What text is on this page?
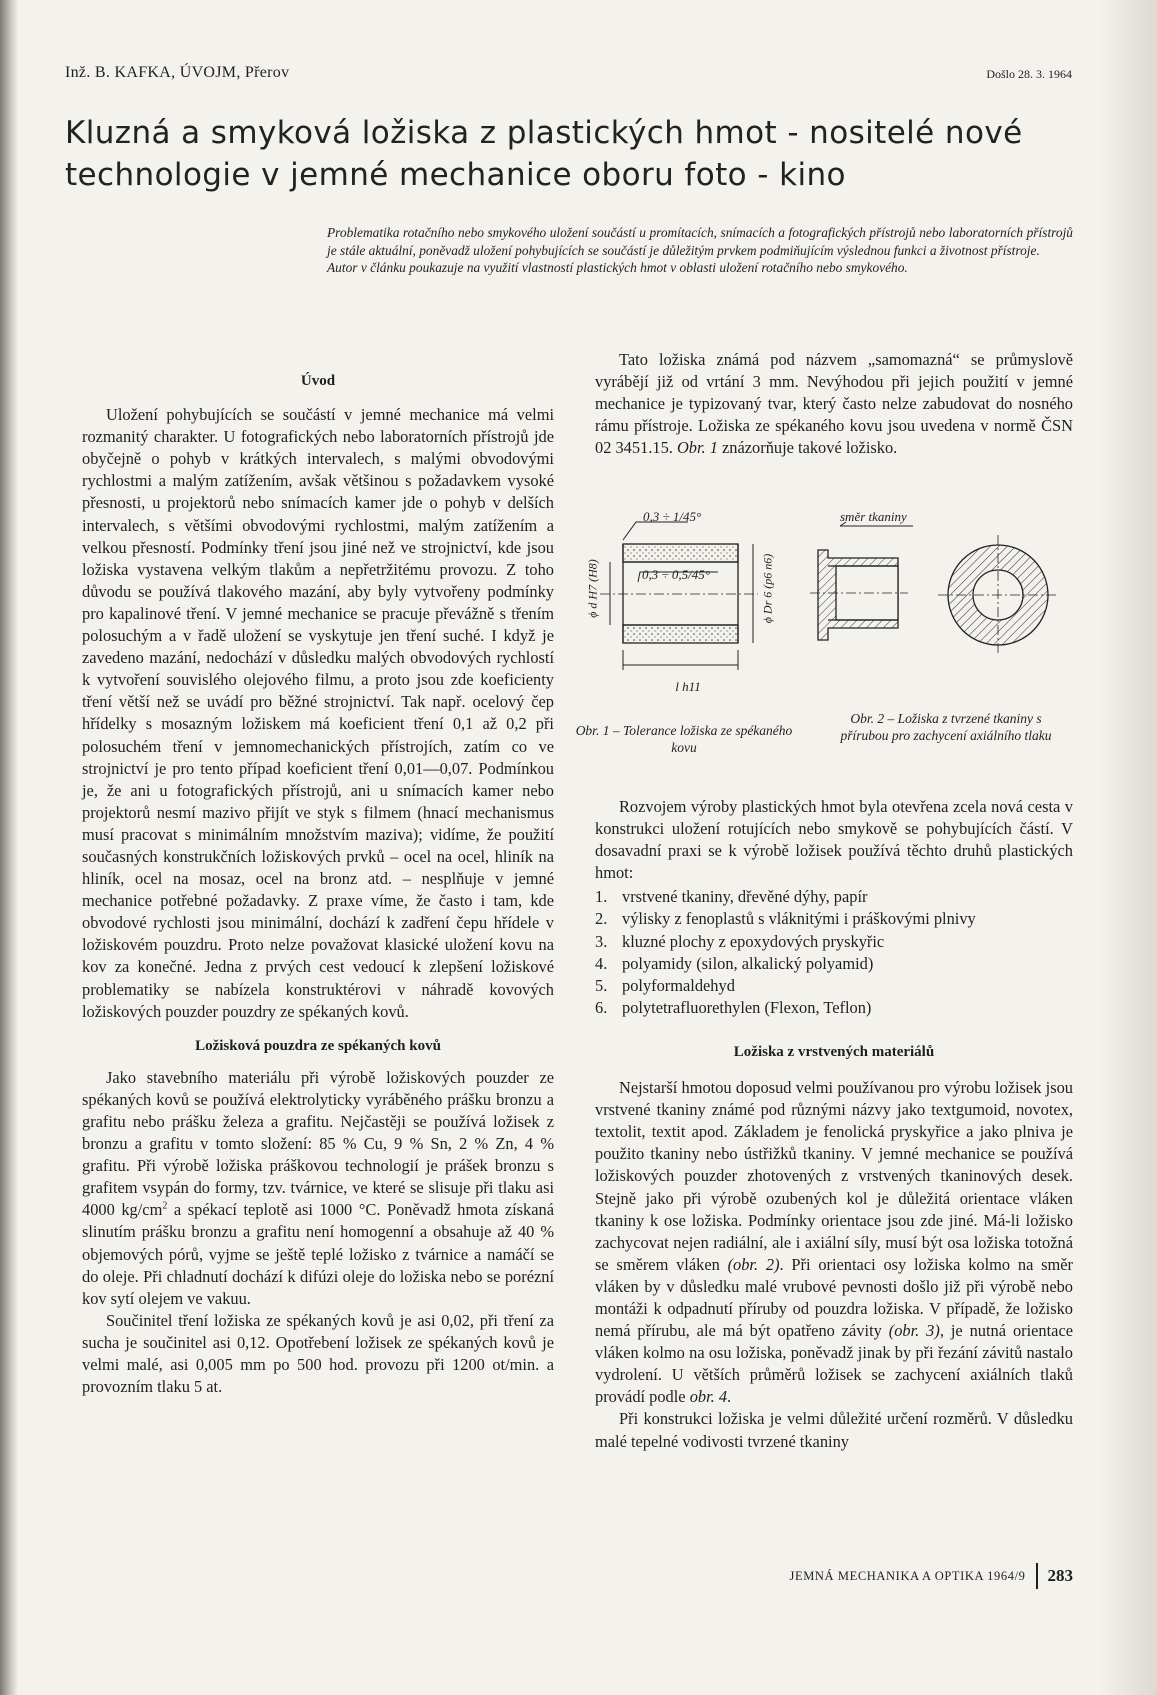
Inž. B. KAFKA, ÚVOJM, Přerov	Došlo 28. 3. 1964
Kluzná a smyková ložiska z plastických hmot - nositelé nové
technologie v jemné mechanice oboru foto - kino

Problematika rotačního nebo smykového uložení součástí u promítacích, snímacích a fotografických přístrojů nebo laboratorních přístrojů je stále aktuální, poněvadž uložení pohybujících se součástí je důležitým prvkem podmiňujícím výslednou funkci a životnost přístroje.

Autor v článku poukazuje na využití vlastností plastických hmot v oblasti uložení rotačního nebo smykového.

Úvod

Uložení pohybujících se součástí v jemné mechanice má velmi rozmanitý charakter. U fotografických nebo laboratorních přístrojů jde obyčejně o pohyb v krátkých intervalech, s malými obvodovými rychlostmi a malým zatížením, avšak většinou s požadavkem vysoké přesnosti, u projektorů nebo snímacích kamer jde o pohyb v delších intervalech, s většími obvodovými rychlostmi, malým zatížením a velkou přesností. Podmínky tření jsou jiné než ve strojnictví, kde jsou ložiska vystavena velkým tlakům a nepřetržitému provozu. Z toho důvodu se používá tlakového mazání, aby byly vytvořeny podmínky pro kapalinové tření. V jemné mechanice se pracuje převážně s třením polosuchým a v řadě uložení se vyskytuje jen tření suché. I když je zavedeno mazání, nedochází v důsledku malých obvodových rychlostí k vytvoření souvislého olejového filmu, a proto jsou zde koeficienty tření větší než se uvádí pro běžné strojnictví. Tak např. ocelový čep hřídelky s mosazným ložiskem má koeficient tření 0,1 až 0,2 při polosuchém tření v jemnomechanických přístrojích, zatím co ve strojnictví je pro tento případ koeficient tření 0,01—0,07. Podmínkou je, že ani u fotografických přístrojů, ani u snímacích kamer nebo projektorů nesmí mazivo přijít ve styk s filmem (hnací mechanismus musí pracovat s minimálním množstvím maziva); vidíme, že použití současných konstrukčních ložiskových prvků – ocel na ocel, hliník na hliník, ocel na mosaz, ocel na bronz atd. – nesplňuje v jemné mechanice potřebné požadavky. Z praxe víme, že často i tam, kde obvodové rychlosti jsou minimální, dochází k zadření čepu hřídele v ložiskovém pouzdru. Proto nelze považovat klasické uložení kovu na kov za konečné. Jedna z prvých cest vedoucí k zlepšení ložiskové problematiky se nabízela konstruktérovi v náhradě kovových ložiskových pouzder pouzdry ze spékaných kovů.

Ložisková pouzdra ze spékaných kovů

Jako stavebního materiálu při výrobě ložiskových pouzder ze spékaných kovů se používá elektrolyticky vyráběného prášku bronzu a grafitu nebo prášku železa a grafitu. Nejčastěji se používá ložisek z bronzu a grafitu v tomto složení: 85 % Cu, 9 % Sn, 2 % Zn, 4 % grafitu. Při výrobě ložiska práškovou technologií je prášek bronzu s grafitem vsypán do formy, tzv. tvárnice, ve které se slisuje při tlaku asi 4000 $kg/cm^2$ a spékací teplotě asi 1000 °C. Poněvadž hmota získaná slinutím prášku bronzu a grafitu není homogenní a obsahuje až 40 % objemových pórů, vyjme se ještě teplé ložisko z tvárnice a namáčí se do oleje. Při chladnutí dochází k difúzi oleje do ložiska nebo se porézní kov sytí olejem ve vakuu.

Součinitel tření ložiska ze spékaných kovů je asi 0,02, při tření za sucha je součinitel asi 0,12. Opotřebení ložisek ze spékaných kovů je velmi malé, asi 0,005 mm po 500 hod. provozu při 1200 ot/min. a provozním tlaku 5 at.

Tato ložiska známá pod názvem „samomazná“ se průmyslově vyrábějí již od vrtání 3 mm. Nevýhodou při jejich použití v jemné mechanice je typizovaný tvar, který často nelze zabudovat do nosného rámu přístroje. Ložiska ze spékaného kovu jsou uvedena v normě ČSN 02 3451.15. Obr. 1 znázorňuje takové ložisko.

0,3 ÷ 1/45°
0,3 ÷ 0,5/45°
ϕ d H7 (H8)	ϕ Dr 6 (p6 n6)
l h11
směr tkaniny
Obr. 1 – Tolerance ložiska ze spékaného kovu
Obr. 2 – Ložiska z tvrzené tkaniny s přírubou pro zachycení axiálního tlaku

Rozvojem výroby plastických hmot byla otevřena zcela nová cesta v konstrukci uložení rotujících nebo smykově se pohybujících částí. V dosavadní praxi se k výrobě ložisek používá těchto druhů plastických hmot:

1. vrstvené tkaniny, dřevěné dýhy, papír
2. výlisky z fenoplastů s vláknitými i práškovými plnivy
3. kluzné plochy z epoxydových pryskyřic
4. polyamidy (silon, alkalický polyamid)
5. polyformaldehyd
6. polytetrafluorethylen (Flexon, Teflon)
Ložiska z vrstvených materiálů

Nejstarší hmotou doposud velmi používanou pro výrobu ložisek jsou vrstvené tkaniny známé pod různými názvy jako textgumoid, novotex, textolit, textit apod. Základem je fenolická pryskyřice a jako plniva je použito tkaniny nebo ústřižků tkaniny. V jemné mechanice se používá ložiskových pouzder zhotovených z vrstvených tkaninových desek. Stejně jako při výrobě ozubených kol je důležitá orientace vláken tkaniny k ose ložiska. Podmínky orientace jsou zde jiné. Má-li ložisko zachycovat nejen radiální, ale i axiální síly, musí být osa ložiska totožná se směrem vláken (obr. 2). Při orientaci osy ložiska kolmo na směr vláken by v důsledku malé vrubové pevnosti došlo již při výrobě nebo montáži k odpadnutí příruby od pouzdra ložiska. V případě, že ložisko nemá přírubu, ale má být opatřeno závity (obr. 3), je nutná orientace vláken kolmo na osu ložiska, poněvadž jinak by při řezání závitů nastalo vydrolení. U větších průměrů ložisek se zachycení axiálních tlaků provádí podle obr. 4.

Při konstrukci ložiska je velmi důležité určení rozměrů. V důsledku malé tepelné vodivosti tvrzené tkaniny

JEMNÁ MECHANIKA A OPTIKA 1964/9 283
